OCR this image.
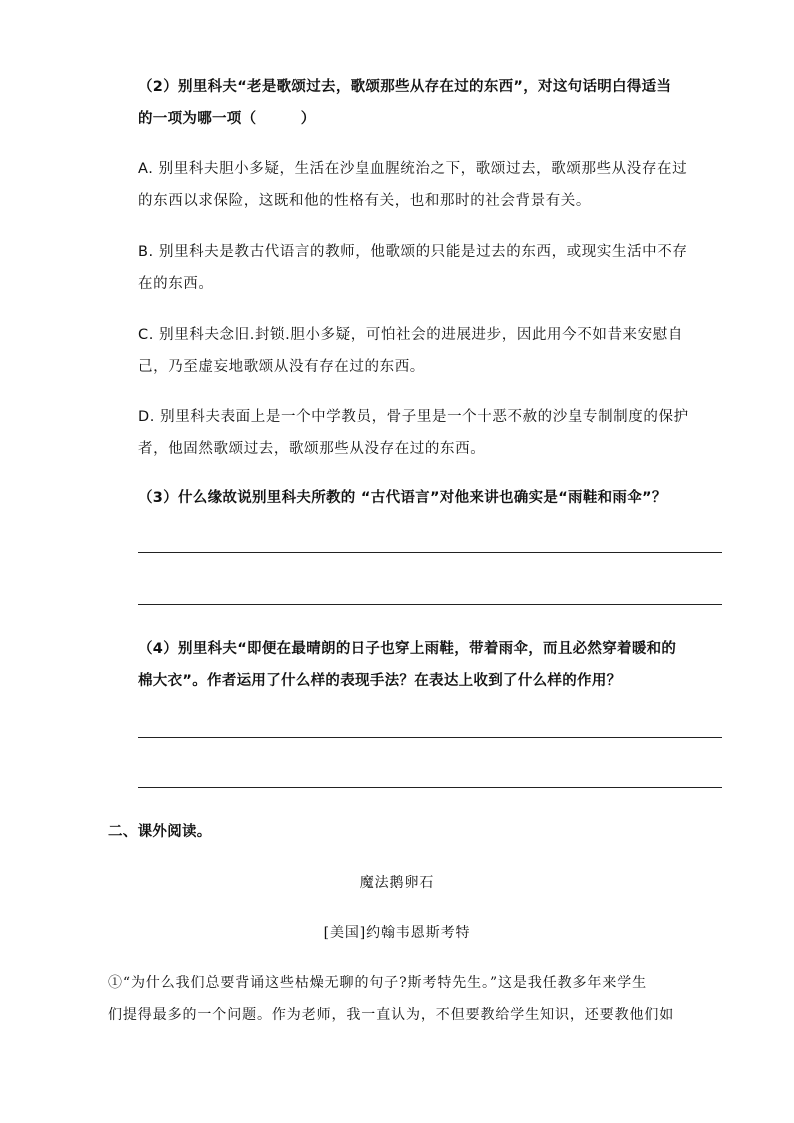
（2）别里科夫“老是歌颂过去，歌颂那些从存在过的东西”，对这句话明白得适当
的一项为哪一项（　　　）
A. 别里科夫胆小多疑，生活在沙皇血腥统治之下，歌颂过去，歌颂那些从没存在过
的东西以求保险，这既和他的性格有关，也和那时的社会背景有关。
B. 别里科夫是教古代语言的教师，他歌颂的只能是过去的东西，或现实生活中不存
在的东西。
C. 别里科夫念旧.封锁.胆小多疑，可怕社会的进展进步，因此用今不如昔来安慰自
己，乃至虚妄地歌颂从没有存在过的东西。
D. 别里科夫表面上是一个中学教员，骨子里是一个十恶不赦的沙皇专制制度的保护
者，他固然歌颂过去，歌颂那些从没存在过的东西。
（3）什么缘故说别里科夫所教的 “古代语言”对他来讲也确实是“雨鞋和雨伞”？
（4）别里科夫“即便在最晴朗的日子也穿上雨鞋，带着雨伞，而且必然穿着暖和的
棉大衣”。作者运用了什么样的表现手法？在表达上收到了什么样的作用？
二、课外阅读。
魔法鹅卵石
[美国]约翰韦恩斯考特
①“为什么我们总要背诵这些枯燥无聊的句子?斯考特先生。”这是我任教多年来学生
们提得最多的一个问题。作为老师，我一直认为，不但要教给学生知识，还要教他们如
